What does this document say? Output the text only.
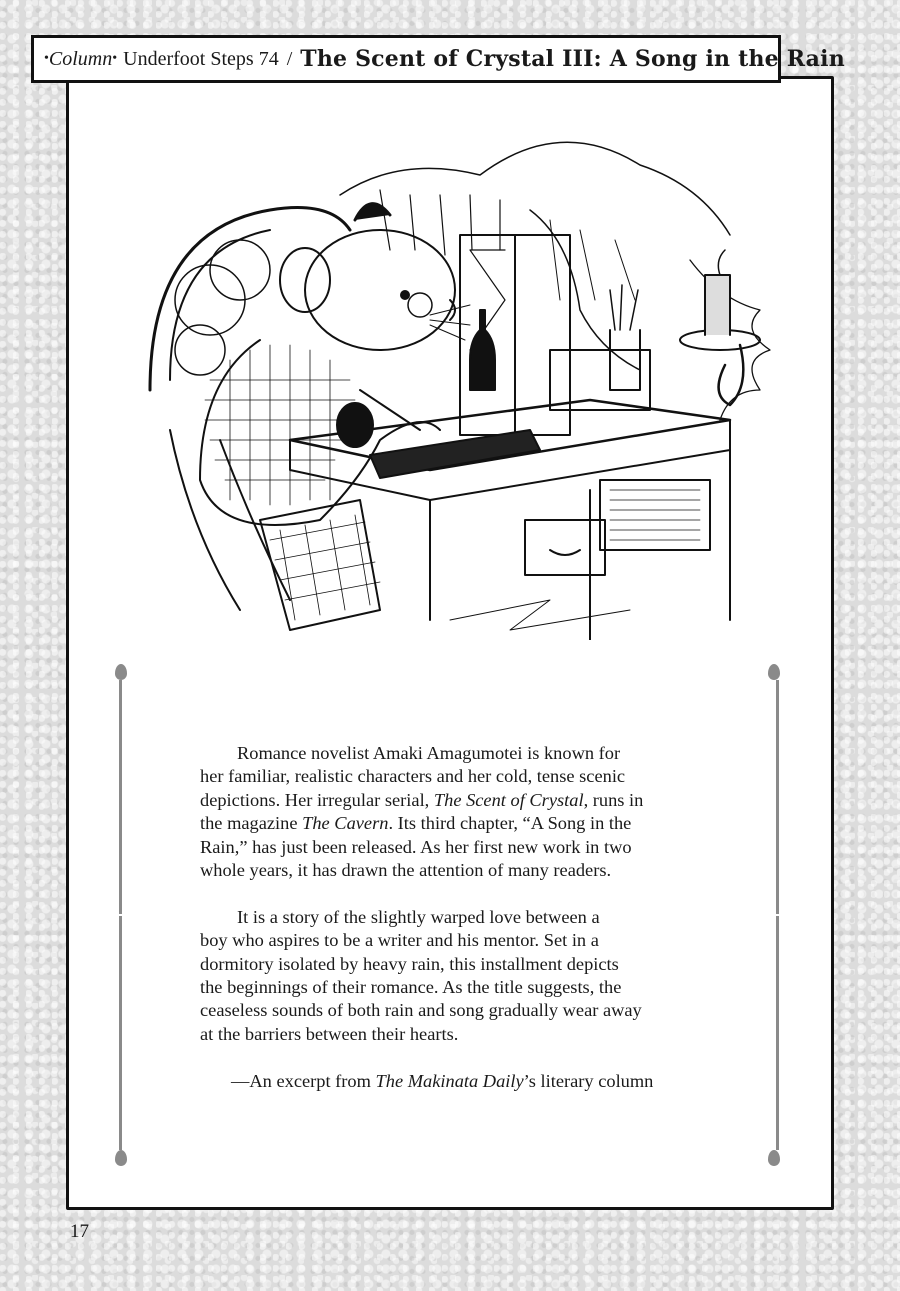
• Column • Underfoot Steps 74 / The Scent of Crystal III: A Song in the Rain

Romance novelist Amaki Amagumotei is known for
her familiar, realistic characters and her cold, tense scenic
depictions. Her irregular serial, The Scent of Crystal, runs in
the magazine The Cavern. Its third chapter, “A Song in the
Rain,” has just been released. As her first new work in two
whole years, it has drawn the attention of many readers.

It is a story of the slightly warped love between a
boy who aspires to be a writer and his mentor. Set in a
dormitory isolated by heavy rain, this installment depicts
the beginnings of their romance. As the title suggests, the
ceaseless sounds of both rain and song gradually wear away
at the barriers between their hearts.

—An excerpt from The Makinata Daily’s literary column

17
